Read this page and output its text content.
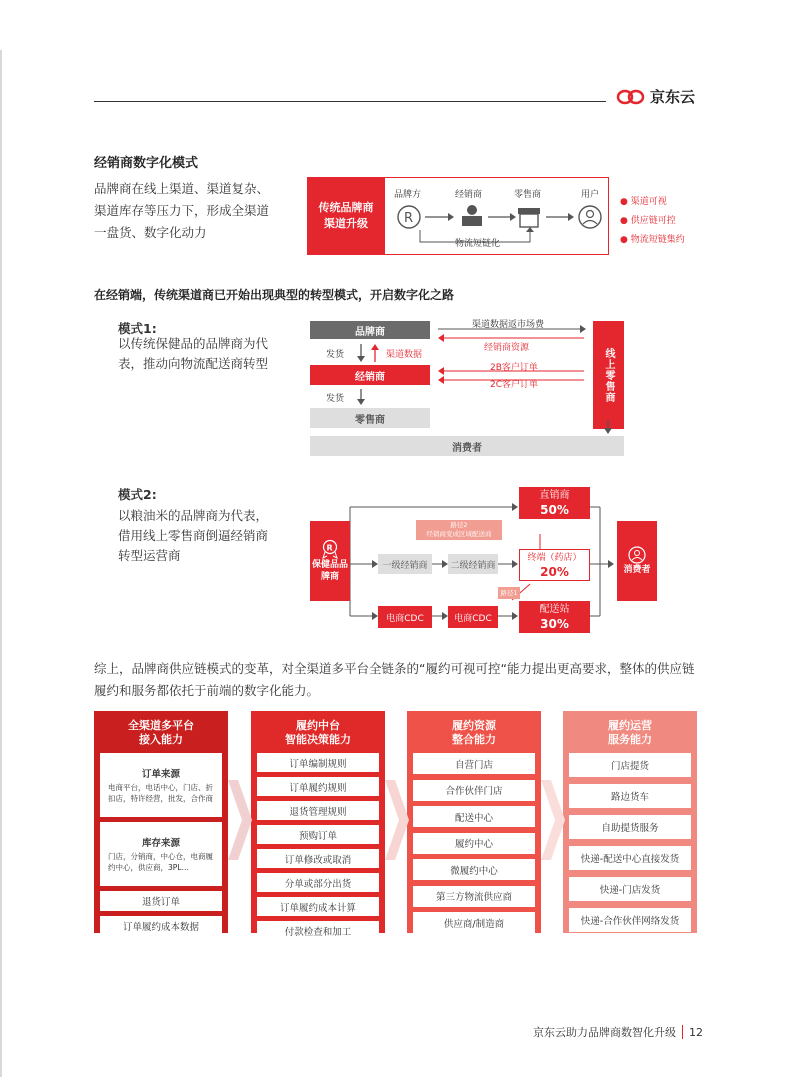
京东云
经销商数字化模式
品牌商在线上渠道、渠道复杂、渠道库存等压力下，形成全渠道一盘货、数字化动力
传统品牌商渠道升级
品牌方	经销商	零售商	用户
R
物流短链化
● 渠道可视
● 供应链可控
● 物流短链集约
在经销端，传统渠道商已开始出现典型的转型模式，开启数字化之路
模式1:
以传统保健品的品牌商为代表，推动向物流配送商转型
品牌商
发货	渠道数据
经销商
发货
零售商
消费者
线上零售商
渠道数据返市场费
经销商资源
2B客户订单
2C客户订单
模式2:
以粮油米的品牌商为代表，借用线上零售商倒逼经销商转型运营商	R
保健品品牌商
直销商
50%
路径2
经销商变成区域配送商
一级经销商	二级经销商
终端（药店）
20%
路径1
电商CDC	电商CDC
配送站
30%
消费者
综上，品牌商供应链模式的变革，对全渠道多平台全链条的“履约可视可控“能力提出更高要求，整体的供应链履约和服务都依托于前端的数字化能力。
全渠道多平台
接入能力
订单来源
电商平台，电话中心，门店、折扣店，特许经营，批发，合作商
库存来源
门店，分销商，中心仓，电商履约中心，供应商，3PL…
退货订单
订单履约成本数据
履约中台
智能决策能力
订单编制规则
订单履约规则
退货管理规则
预购订单
订单修改或取消
分单或部分出货
订单履约成本计算
付款检查和加工
履约资源
整合能力
自营门店
合作伙伴门店
配送中心
履约中心
微履约中心
第三方物流供应商
供应商/制造商
履约运营
服务能力
门店提货
路边货车
自助提货服务
快递-配送中心直接发货
快递-门店发货
快递-合作伙伴网络发货
京东云助力品牌商数智化升级 12
